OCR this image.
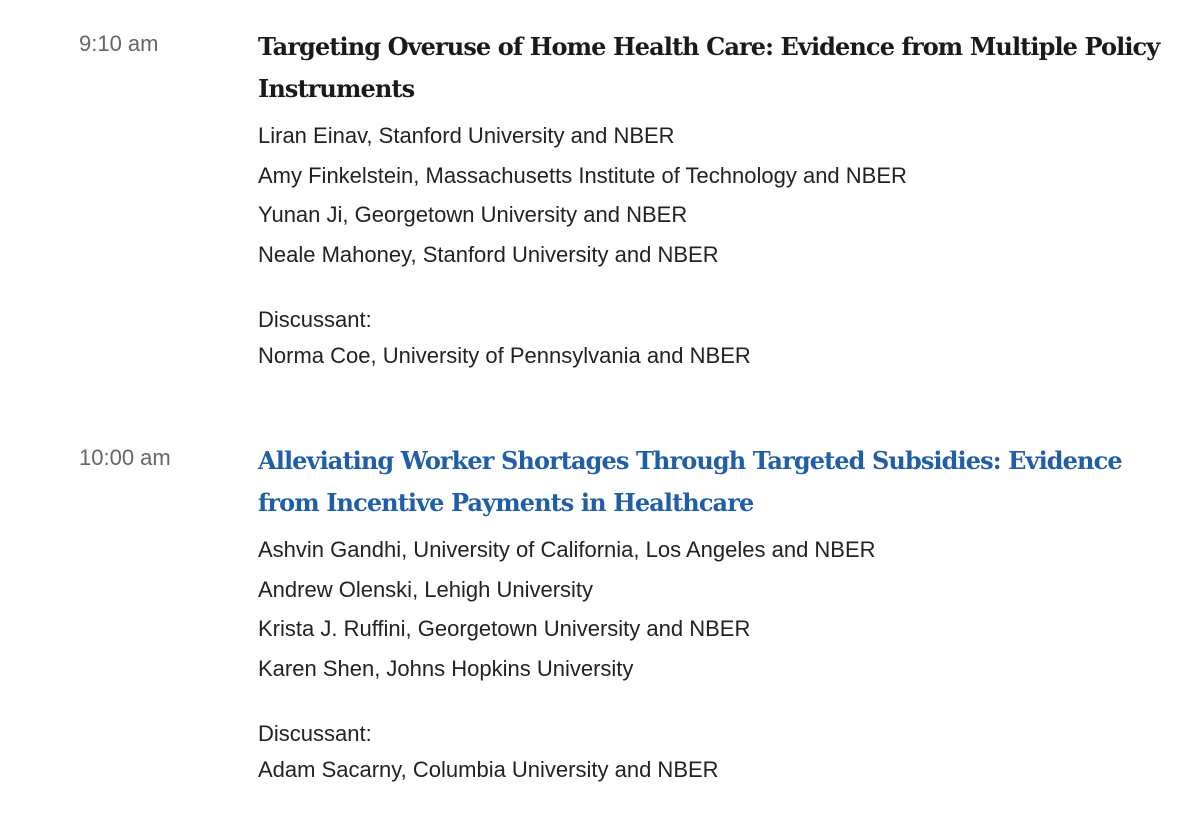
9:10 am	Targeting Overuse of Home Health Care: Evidence from Multiple Policy Instruments
Liran Einav, Stanford University and NBER
Amy Finkelstein, Massachusetts Institute of Technology and NBER
Yunan Ji, Georgetown University and NBER
Neale Mahoney, Stanford University and NBER
Discussant:
Norma Coe, University of Pennsylvania and NBER
10:00 am	Alleviating Worker Shortages Through Targeted Subsidies: Evidence from Incentive Payments in Healthcare
Ashvin Gandhi, University of California, Los Angeles and NBER
Andrew Olenski, Lehigh University
Krista J. Ruffini, Georgetown University and NBER
Karen Shen, Johns Hopkins University
Discussant:
Adam Sacarny, Columbia University and NBER
